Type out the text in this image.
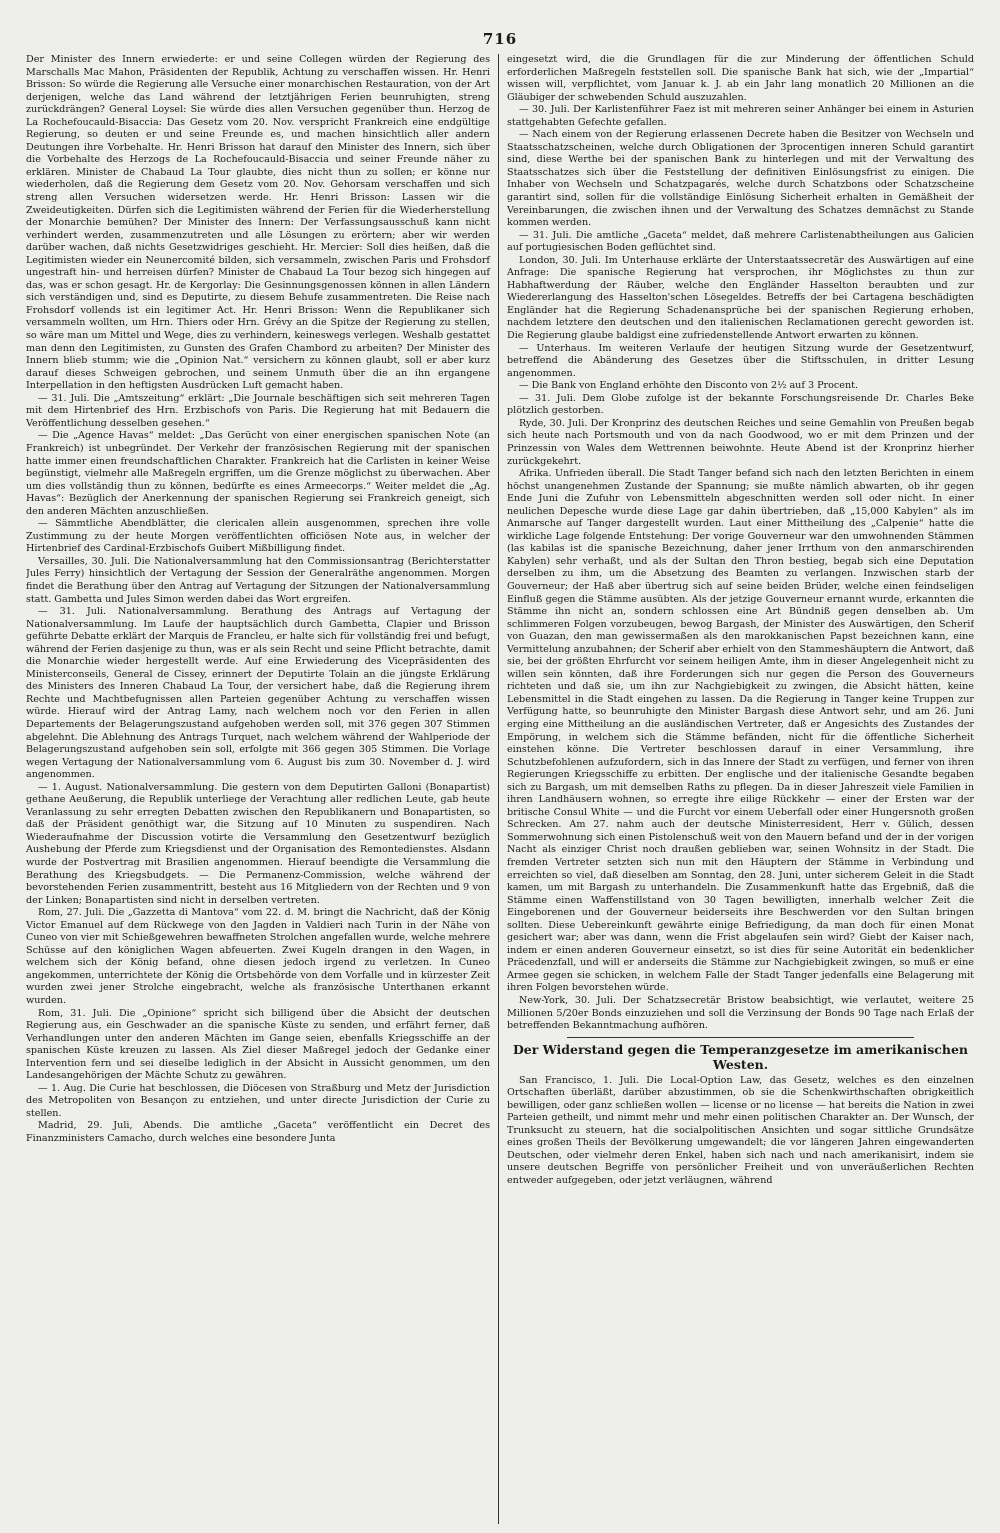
716

Der Minister des Innern erwiederte: er und seine Collegen würden der Regierung des Marschalls Mac Mahon, Präsidenten der Republik, Achtung zu verschaffen wissen. Hr. Henri Brisson: So würde die Regierung alle Versuche einer monarchischen Restauration, von der Art derjenigen, welche das Land während der letztjährigen Ferien beunruhigten, streng zurückdrängen? General Loysel: Sie würde dies allen Versuchen gegenüber thun. Herzog de La Rochefoucauld-Bisaccia: Das Gesetz vom 20. Nov. verspricht Frankreich eine endgültige Regierung, so deuten er und seine Freunde es, und machen hinsichtlich aller andern Deutungen ihre Vorbehalte. Hr. Henri Brisson hat darauf den Minister des Innern, sich über die Vorbehalte des Herzogs de La Rochefoucauld-Bisaccia und seiner Freunde näher zu erklären. Minister de Chabaud La Tour glaubte, dies nicht thun zu sollen; er könne nur wiederholen, daß die Regierung dem Gesetz vom 20. Nov. Gehorsam verschaffen und sich streng allen Versuchen widersetzen werde. Hr. Henri Brisson: Lassen wir die Zweideutigkeiten. Dürfen sich die Legitimisten während der Ferien für die Wiederherstellung der Monarchie bemühen? Der Minister des Innern: Der Verfassungsausschuß kann nicht verhindert werden, zusammenzutreten und alle Lösungen zu erörtern; aber wir werden darüber wachen, daß nichts Gesetzwidriges geschieht. Hr. Mercier: Soll dies heißen, daß die Legitimisten wieder ein Neunercomité bilden, sich versammeln, zwischen Paris und Frohsdorf ungestraft hin- und herreisen dürfen? Minister de Chabaud La Tour bezog sich hingegen auf das, was er schon gesagt. Hr. de Kergorlay: Die Gesinnungsgenossen können in allen Ländern sich verständigen und, sind es Deputirte, zu diesem Behufe zusammentreten. Die Reise nach Frohsdorf vollends ist ein legitimer Act. Hr. Henri Brisson: Wenn die Republikaner sich versammeln wollten, um Hrn. Thiers oder Hrn. Grévy an die Spitze der Regierung zu stellen, so wäre man um Mittel und Wege, dies zu verhindern, keineswegs verlegen. Weshalb gestattet man denn den Legitimisten, zu Gunsten des Grafen Chambord zu arbeiten? Der Minister des Innern blieb stumm; wie die „Opinion Nat.“ versichern zu können glaubt, soll er aber kurz darauf dieses Schweigen gebrochen, und seinem Unmuth über die an ihn ergangene Interpellation in den heftigsten Ausdrücken Luft gemacht haben.

— 31. Juli. Die „Amtszeitung“ erklärt: „Die Journale beschäftigen sich seit mehreren Tagen mit dem Hirtenbrief des Hrn. Erzbischofs von Paris. Die Regierung hat mit Bedauern die Veröffentlichung desselben gesehen.“

— Die „Agence Havas“ meldet: „Das Gerücht von einer energischen spanischen Note (an Frankreich) ist unbegründet. Der Verkehr der französischen Regierung mit der spanischen hatte immer einen freundschaftlichen Charakter. Frankreich hat die Carlisten in keiner Weise begünstigt, vielmehr alle Maßregeln ergriffen, um die Grenze möglichst zu überwachen. Aber um dies vollständig thun zu können, bedürfte es eines Armeecorps.“ Weiter meldet die „Ag. Havas“: Bezüglich der Anerkennung der spanischen Regierung sei Frankreich geneigt, sich den anderen Mächten anzuschließen.

— Sämmtliche Abendblätter, die clericalen allein ausgenommen, sprechen ihre volle Zustimmung zu der heute Morgen veröffentlichten officiösen Note aus, in welcher der Hirtenbrief des Cardinal-Erzbischofs Guibert Mißbilligung findet.

Versailles, 30. Juli. Die Nationalversammlung hat den Commissionsantrag (Berichterstatter Jules Ferry) hinsichtlich der Vertagung der Session der Generalräthe angenommen. Morgen findet die Berathung über den Antrag auf Vertagung der Sitzungen der Nationalversammlung statt. Gambetta und Jules Simon werden dabei das Wort ergreifen.

— 31. Juli. Nationalversammlung. Berathung des Antrags auf Vertagung der Nationalversammlung. Im Laufe der hauptsächlich durch Gambetta, Clapier und Brisson geführte Debatte erklärt der Marquis de Francleu, er halte sich für vollständig frei und befugt, während der Ferien dasjenige zu thun, was er als sein Recht und seine Pflicht betrachte, damit die Monarchie wieder hergestellt werde. Auf eine Erwiederung des Vicepräsidenten des Ministerconseils, General de Cissey, erinnert der Deputirte Tolain an die jüngste Erklärung des Ministers des Inneren Chabaud La Tour, der versichert habe, daß die Regierung ihrem Rechte und Machtbefugnissen allen Parteien gegenüber Achtung zu verschaffen wissen würde. Hierauf wird der Antrag Lamy, nach welchem noch vor den Ferien in allen Departements der Belagerungszustand aufgehoben werden soll, mit 376 gegen 307 Stimmen abgelehnt. Die Ablehnung des Antrags Turquet, nach welchem während der Wahlperiode der Belagerungszustand aufgehoben sein soll, erfolgte mit 366 gegen 305 Stimmen. Die Vorlage wegen Vertagung der Nationalversammlung vom 6. August bis zum 30. November d. J. wird angenommen.

— 1. August. Nationalversammlung. Die gestern von dem Deputirten Galloni (Bonapartist) gethane Aeußerung, die Republik unterliege der Verachtung aller redlichen Leute, gab heute Veranlassung zu sehr erregten Debatten zwischen den Republikanern und Bonapartisten, so daß der Präsident genöthigt war, die Sitzung auf 10 Minuten zu suspendiren. Nach Wiederaufnahme der Discussion votirte die Versammlung den Gesetzentwurf bezüglich Aushebung der Pferde zum Kriegsdienst und der Organisation des Remontedienstes. Alsdann wurde der Postvertrag mit Brasilien angenommen. Hierauf beendigte die Versammlung die Berathung des Kriegsbudgets. — Die Permanenz-Commission, welche während der bevorstehenden Ferien zusammentritt, besteht aus 16 Mitgliedern von der Rechten und 9 von der Linken; Bonapartisten sind nicht in derselben vertreten.

Rom, 27. Juli. Die „Gazzetta di Mantova“ vom 22. d. M. bringt die Nachricht, daß der König Victor Emanuel auf dem Rückwege von den Jagden in Valdieri nach Turin in der Nähe von Cuneo von vier mit Schießgewehren bewaffneten Strolchen angefallen wurde, welche mehrere Schüsse auf den königlichen Wagen abfeuerten. Zwei Kugeln drangen in den Wagen, in welchem sich der König befand, ohne diesen jedoch irgend zu verletzen. In Cuneo angekommen, unterrichtete der König die Ortsbehörde von dem Vorfalle und in kürzester Zeit wurden zwei jener Strolche eingebracht, welche als französische Unterthanen erkannt wurden.

Rom, 31. Juli. Die „Opinione“ spricht sich billigend über die Absicht der deutschen Regierung aus, ein Geschwader an die spanische Küste zu senden, und erfährt ferner, daß Verhandlungen unter den anderen Mächten im Gange seien, ebenfalls Kriegsschiffe an der spanischen Küste kreuzen zu lassen. Als Ziel dieser Maßregel jedoch der Gedanke einer Intervention fern und sei dieselbe lediglich in der Absicht in Aussicht genommen, um den Landesangehörigen der Mächte Schutz zu gewähren.

— 1. Aug. Die Curie hat beschlossen, die Diöcesen von Straßburg und Metz der Jurisdiction des Metropoliten von Besançon zu entziehen, und unter directe Jurisdiction der Curie zu stellen.

Madrid, 29. Juli, Abends. Die amtliche „Gaceta“ veröffentlicht ein Decret des Finanzministers Camacho, durch welches eine besondere Junta

eingesetzt wird, die die Grundlagen für die zur Minderung der öffentlichen Schuld erforderlichen Maßregeln feststellen soll. Die spanische Bank hat sich, wie der „Impartial“ wissen will, verpflichtet, vom Januar k. J. ab ein Jahr lang monatlich 20 Millionen an die Gläubiger der schwebenden Schuld auszuzahlen.

— 30. Juli. Der Karlistenführer Faez ist mit mehreren seiner Anhänger bei einem in Asturien stattgehabten Gefechte gefallen.

— Nach einem von der Regierung erlassenen Decrete haben die Besitzer von Wechseln und Staatsschatzscheinen, welche durch Obligationen der 3procentigen inneren Schuld garantirt sind, diese Werthe bei der spanischen Bank zu hinterlegen und mit der Verwaltung des Staatsschatzes sich über die Feststellung der definitiven Einlösungsfrist zu einigen. Die Inhaber von Wechseln und Schatzpagarés, welche durch Schatzbons oder Schatzscheine garantirt sind, sollen für die vollständige Einlösung Sicherheit erhalten in Gemäßheit der Vereinbarungen, die zwischen ihnen und der Verwaltung des Schatzes demnächst zu Stande kommen werden.

— 31. Juli. Die amtliche „Gaceta“ meldet, daß mehrere Carlistenabtheilungen aus Galicien auf portugiesischen Boden geflüchtet sind.

London, 30. Juli. Im Unterhause erklärte der Unterstaatssecretär des Auswärtigen auf eine Anfrage: Die spanische Regierung hat versprochen, ihr Möglichstes zu thun zur Habhaftwerdung der Räuber, welche den Engländer Hasselton beraubten und zur Wiedererlangung des Hasselton'schen Lösegeldes. Betreffs der bei Cartagena beschädigten Engländer hat die Regierung Schadenansprüche bei der spanischen Regierung erhoben, nachdem letztere den deutschen und den italienischen Reclamationen gerecht geworden ist. Die Regierung glaube baldigst eine zufriedenstellende Antwort erwarten zu können.

— Unterhaus. Im weiteren Verlaufe der heutigen Sitzung wurde der Gesetzentwurf, betreffend die Abänderung des Gesetzes über die Stiftsschulen, in dritter Lesung angenommen.

— Die Bank von England erhöhte den Disconto von 2½ auf 3 Procent.

— 31. Juli. Dem Globe zufolge ist der bekannte Forschungsreisende Dr. Charles Beke plötzlich gestorben.

Ryde, 30. Juli. Der Kronprinz des deutschen Reiches und seine Gemahlin von Preußen begab sich heute nach Portsmouth und von da nach Goodwood, wo er mit dem Prinzen und der Prinzessin von Wales dem Wettrennen beiwohnte. Heute Abend ist der Kronprinz hierher zurückgekehrt.

Afrika. Unfrieden überall. Die Stadt Tanger befand sich nach den letzten Berichten in einem höchst unangenehmen Zustande der Spannung; sie mußte nämlich abwarten, ob ihr gegen Ende Juni die Zufuhr von Lebensmitteln abgeschnitten werden soll oder nicht. In einer neulichen Depesche wurde diese Lage gar dahin übertrieben, daß „15,000 Kabylen“ als im Anmarsche auf Tanger dargestellt wurden. Laut einer Mittheilung des „Calpenie“ hatte die wirkliche Lage folgende Entstehung: Der vorige Gouverneur war den umwohnenden Stämmen (las kabilas ist die spanische Bezeichnung, daher jener Irrthum von den anmarschirenden Kabylen) sehr verhaßt, und als der Sultan den Thron bestieg, begab sich eine Deputation derselben zu ihm, um die Absetzung des Beamten zu verlangen. Inzwischen starb der Gouverneur; der Haß aber übertrug sich auf seine beiden Brüder, welche einen feindseligen Einfluß gegen die Stämme ausübten. Als der jetzige Gouverneur ernannt wurde, erkannten die Stämme ihn nicht an, sondern schlossen eine Art Bündniß gegen denselben ab. Um schlimmeren Folgen vorzubeugen, bewog Bargash, der Minister des Auswärtigen, den Scherif von Guazan, den man gewissermaßen als den marokkanischen Papst bezeichnen kann, eine Vermittelung anzubahnen; der Scherif aber erhielt von den Stammeshäuptern die Antwort, daß sie, bei der größten Ehrfurcht vor seinem heiligen Amte, ihm in dieser Angelegenheit nicht zu willen sein könnten, daß ihre Forderungen sich nur gegen die Person des Gouverneurs richteten und daß sie, um ihn zur Nachgiebigkeit zu zwingen, die Absicht hätten, keine Lebensmittel in die Stadt eingehen zu lassen. Da die Regierung in Tanger keine Truppen zur Verfügung hatte, so beunruhigte den Minister Bargash diese Antwort sehr, und am 26. Juni erging eine Mittheilung an die ausländischen Vertreter, daß er Angesichts des Zustandes der Empörung, in welchem sich die Stämme befänden, nicht für die öffentliche Sicherheit einstehen könne. Die Vertreter beschlossen darauf in einer Versammlung, ihre Schutzbefohlenen aufzufordern, sich in das Innere der Stadt zu verfügen, und ferner von ihren Regierungen Kriegsschiffe zu erbitten. Der englische und der italienische Gesandte begaben sich zu Bargash, um mit demselben Raths zu pflegen. Da in dieser Jahreszeit viele Familien in ihren Landhäusern wohnen, so erregte ihre eilige Rückkehr — einer der Ersten war der britische Consul White — und die Furcht vor einem Ueberfall oder einer Hungersnoth großen Schrecken. Am 27. nahm auch der deutsche Ministerresident, Herr v. Gülich, dessen Sommerwohnung sich einen Pistolenschuß weit von den Mauern befand und der in der vorigen Nacht als einziger Christ noch draußen geblieben war, seinen Wohnsitz in der Stadt. Die fremden Vertreter setzten sich nun mit den Häuptern der Stämme in Verbindung und erreichten so viel, daß dieselben am Sonntag, den 28. Juni, unter sicherem Geleit in die Stadt kamen, um mit Bargash zu unterhandeln. Die Zusammenkunft hatte das Ergebniß, daß die Stämme einen Waffenstillstand von 30 Tagen bewilligten, innerhalb welcher Zeit die Eingeborenen und der Gouverneur beiderseits ihre Beschwerden vor den Sultan bringen sollten. Diese Uebereinkunft gewährte einige Befriedigung, da man doch für einen Monat gesichert war; aber was dann, wenn die Frist abgelaufen sein wird? Giebt der Kaiser nach, indem er einen anderen Gouverneur einsetzt, so ist dies für seine Autorität ein bedenklicher Präcedenzfall, und will er anderseits die Stämme zur Nachgiebigkeit zwingen, so muß er eine Armee gegen sie schicken, in welchem Falle der Stadt Tanger jedenfalls eine Belagerung mit ihren Folgen bevorstehen würde.

New-York, 30. Juli. Der Schatzsecretär Bristow beabsichtigt, wie verlautet, weitere 25 Millionen 5/20er Bonds einzuziehen und soll die Verzinsung der Bonds 90 Tage nach Erlaß der betreffenden Bekanntmachung aufhören.

Der Widerstand gegen die Temperanzgesetze im amerikanischen Westen.

San Francisco, 1. Juli. Die Local-Option Law, das Gesetz, welches es den einzelnen Ortschaften überläßt, darüber abzustimmen, ob sie die Schenkwirthschaften obrigkeitlich bewilligen, oder ganz schließen wollen — license or no license — hat bereits die Nation in zwei Parteien getheilt, und nimmt mehr und mehr einen politischen Charakter an. Der Wunsch, der Trunksucht zu steuern, hat die socialpolitischen Ansichten und sogar sittliche Grundsätze eines großen Theils der Bevölkerung umgewandelt; die vor längeren Jahren eingewanderten Deutschen, oder vielmehr deren Enkel, haben sich nach und nach amerikanisirt, indem sie unsere deutschen Begriffe von persönlicher Freiheit und von unveräußerlichen Rechten entweder aufgegeben, oder jetzt verläugnen, während
